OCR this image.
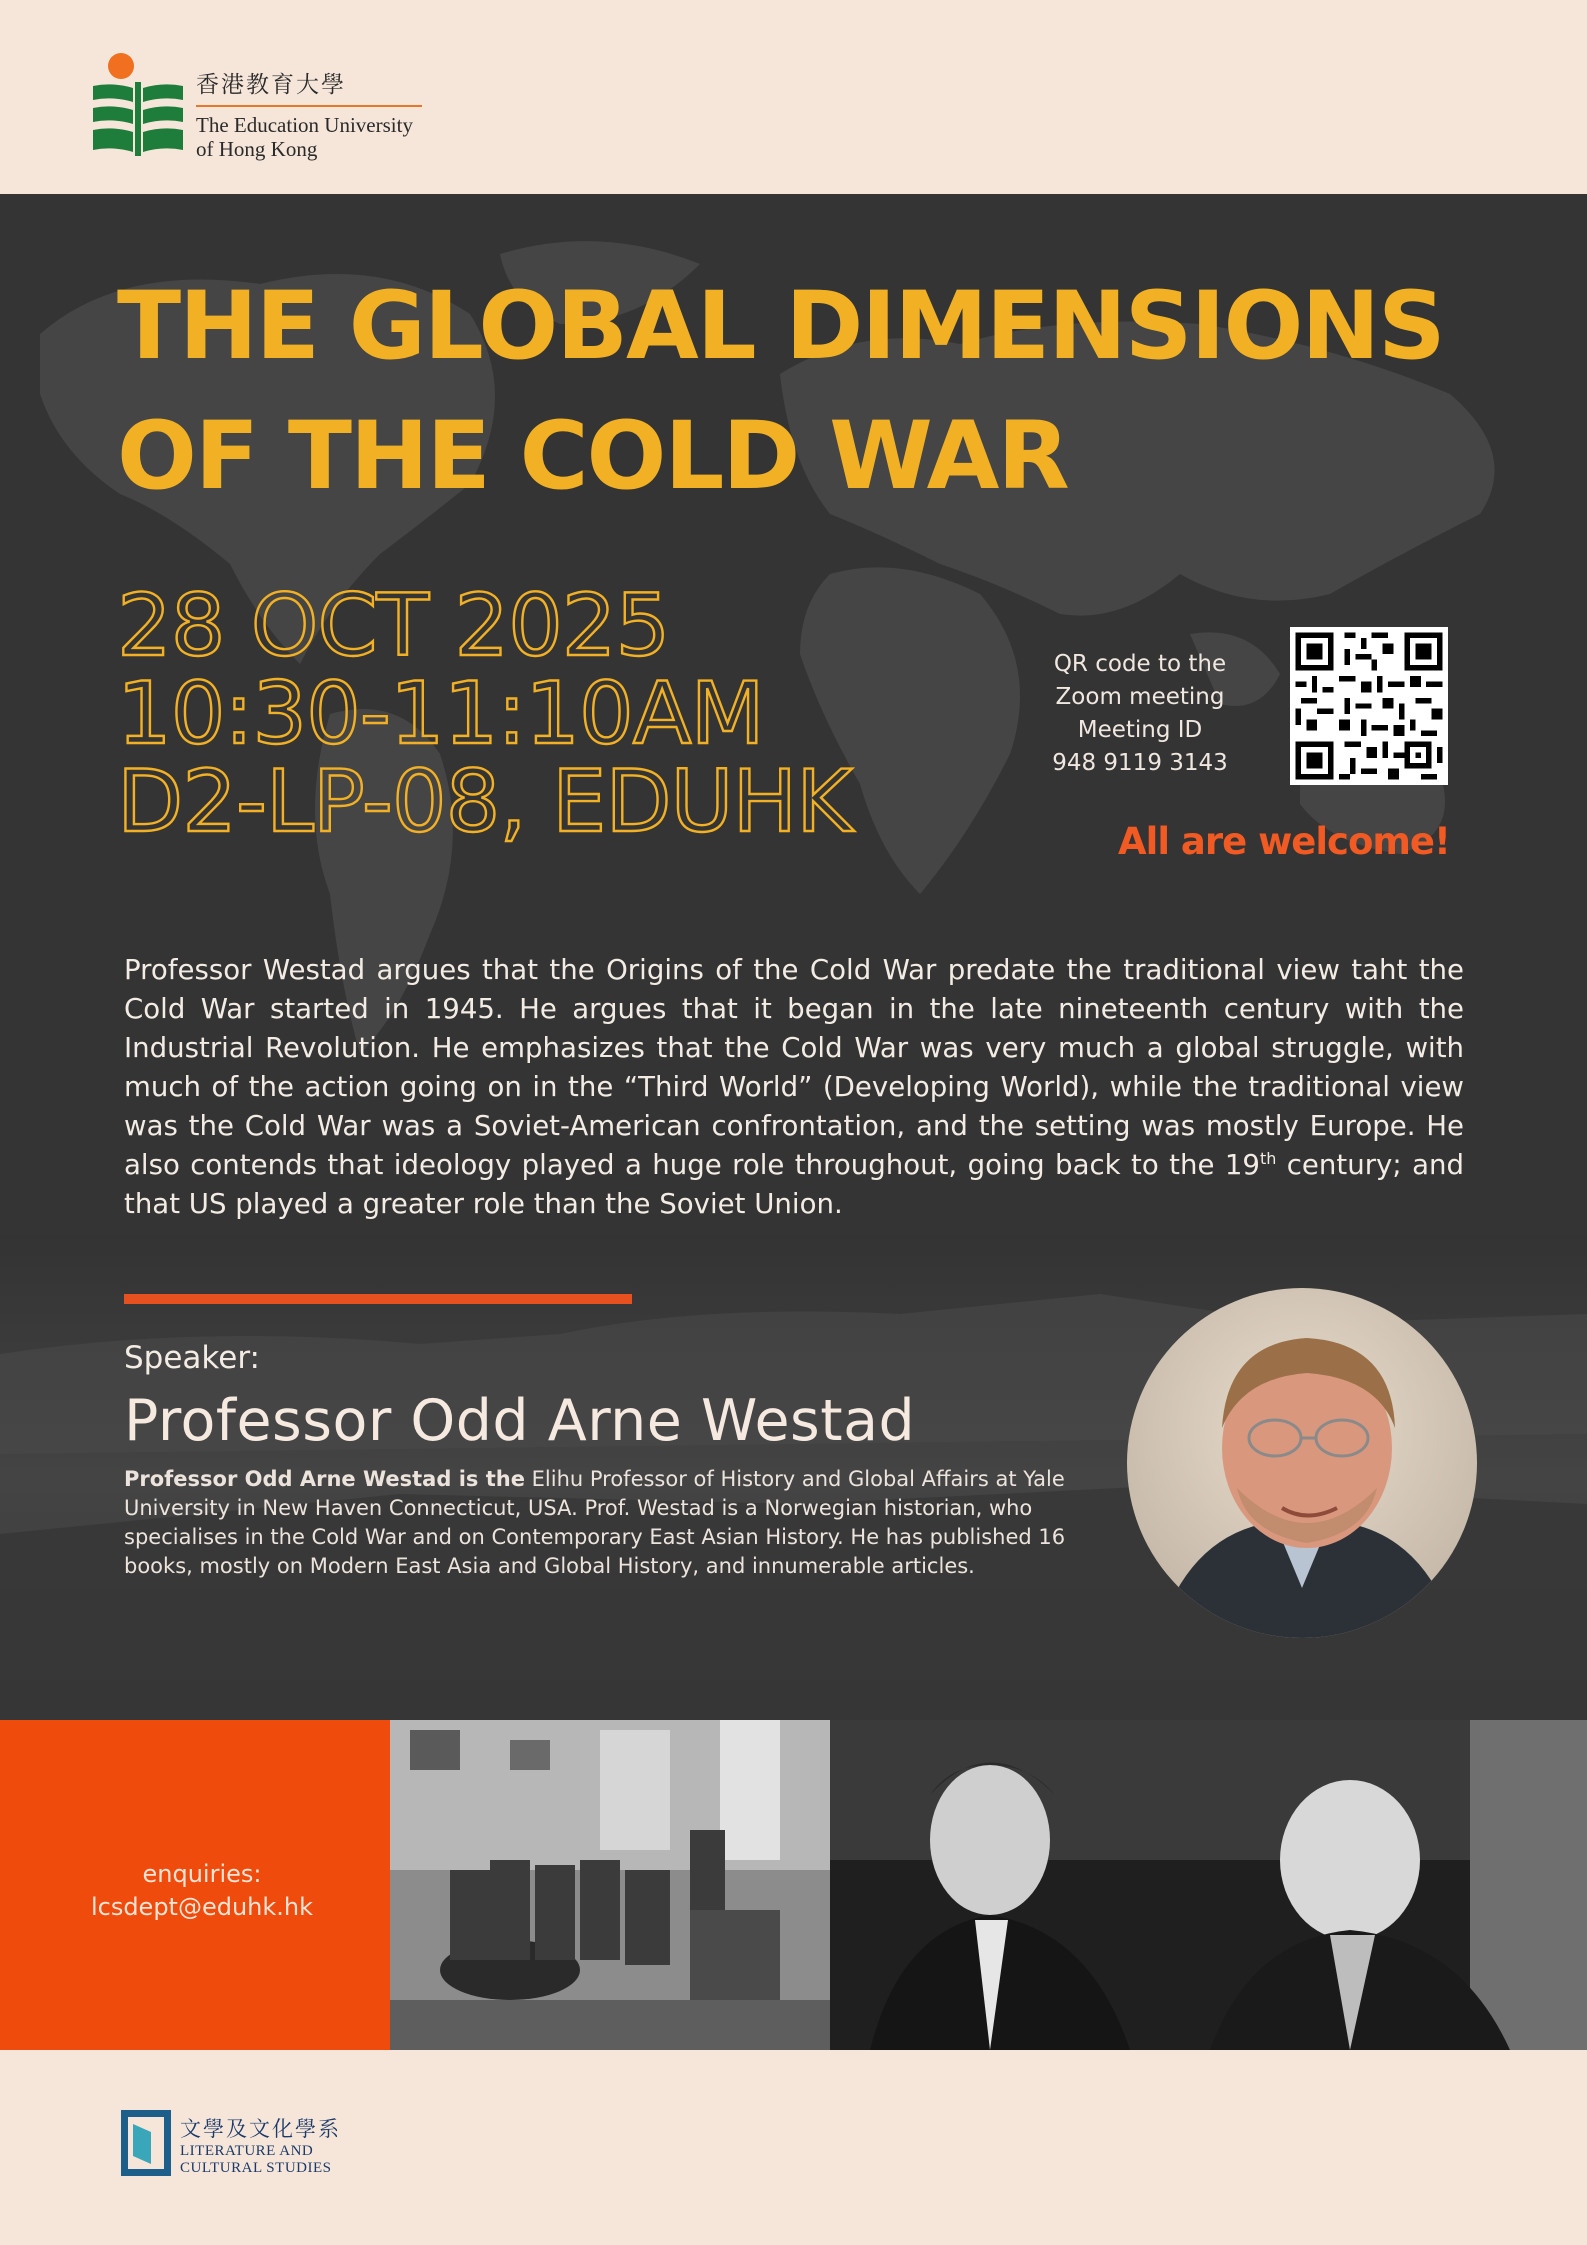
香港教育大學
The Education University
of Hong Kong
THE GLOBAL DIMENSIONS
OF THE COLD WAR
28 OCT 2025
10:30-11:10AM
D2-LP-08, EDUHK
QR code to the
Zoom meeting
Meeting ID
948 9119 3143
All are welcome!

Professor Westad argues that the Origins of the Cold War predate the traditional view taht the Cold War started in 1945. He argues that it began in the late nineteenth century with the Industrial Revolution. He emphasizes that the Cold War was very much a global struggle, with much of the action going on in the “Third World” (Developing World), while the traditional view was the Cold War was a Soviet-American confrontation, and the setting was mostly Europe. He also contends that ideology played a huge role throughout, going back to the 19th century; and that US played a greater role than the Soviet Union.

Speaker:
Professor Odd Arne Westad

Professor Odd Arne Westad is the Elihu Professor of History and Global Affairs at Yale University in New Haven Connecticut, USA. Prof. Westad is a Norwegian historian, who specialises in the Cold War and on Contemporary East Asian History. He has published 16 books, mostly on Modern East Asia and Global History, and innumerable articles.

enquiries:
lcsdept@eduhk.hk
文學及文化學系
LITERATURE AND
CULTURAL STUDIES
